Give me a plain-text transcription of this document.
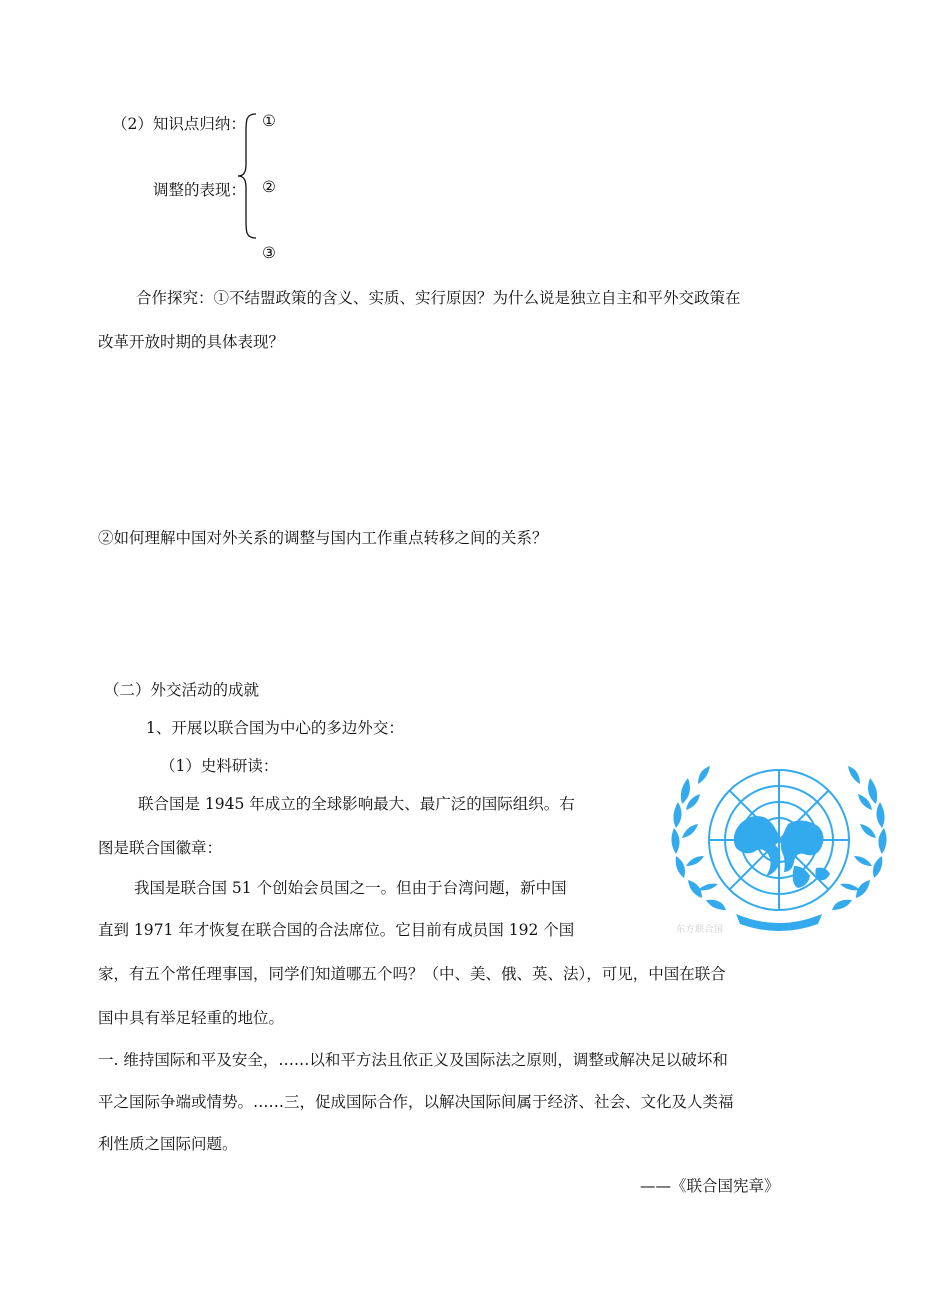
（2）知识点归纳： ①
调整的表现： ②
③
合作探究：①不结盟政策的含义、实质、实行原因？为什么说是独立自主和平外交政策在
改革开放时期的具体表现？
②如何理解中国对外关系的调整与国内工作重点转移之间的关系？
（二）外交活动的成就
1、开展以联合国为中心的多边外交：
（1）史料研读：
联合国是 1945 年成立的全球影响最大、最广泛的国际组织。右
图是联合国徽章：
我国是联合国 51 个创始会员国之一。但由于台湾问题，新中国
直到 1971 年才恢复在联合国的合法席位。它目前有成员国 192 个国
家，有五个常任理事国，同学们知道哪五个吗？（中、美、俄、英、法），可见，中国在联合
国中具有举足轻重的地位。
一. 维持国际和平及安全，……以和平方法且依正义及国际法之原则，调整或解决足以破坏和
平之国际争端或情势。……三，促成国际合作，以解决国际间属于经济、社会、文化及人类福
利性质之国际问题。
——《联合国宪章》
东方联合国
